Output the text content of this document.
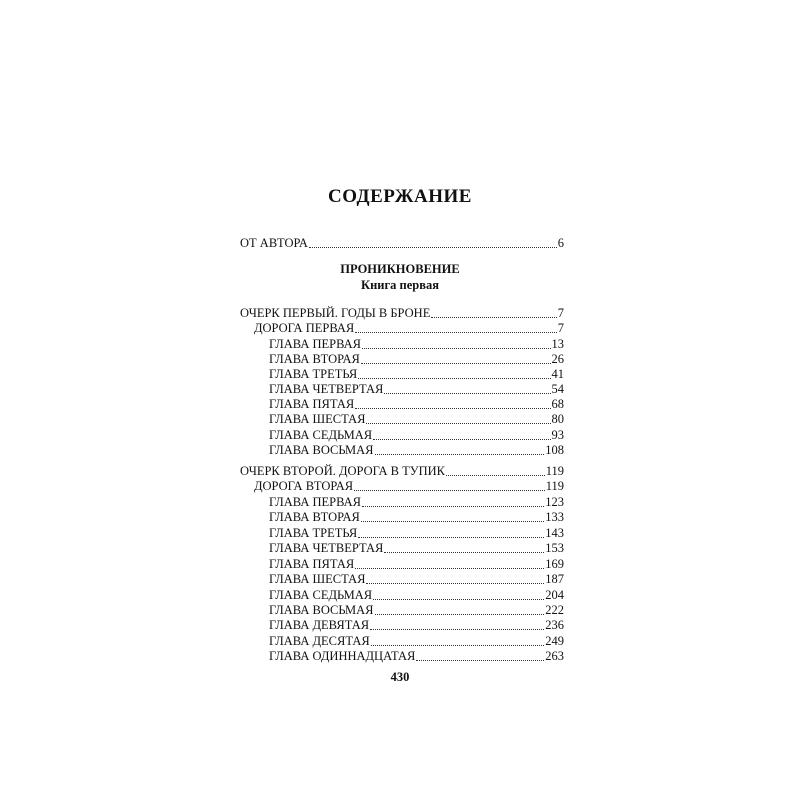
СОДЕРЖАНИЕ
ОТ АВТОРА	6
ПРОНИКНОВЕНИЕ
Книга первая
ОЧЕРК ПЕРВЫЙ. ГОДЫ В БРОНЕ	7
ДОРОГА ПЕРВАЯ	7
ГЛАВА ПЕРВАЯ	13
ГЛАВА ВТОРАЯ	26
ГЛАВА ТРЕТЬЯ	41
ГЛАВА ЧЕТВЕРТАЯ	54
ГЛАВА ПЯТАЯ	68
ГЛАВА ШЕСТАЯ	80
ГЛАВА СЕДЬМАЯ	93
ГЛАВА ВОСЬМАЯ	108
ОЧЕРК ВТОРОЙ. ДОРОГА В ТУПИК	119
ДОРОГА ВТОРАЯ	119
ГЛАВА ПЕРВАЯ	123
ГЛАВА ВТОРАЯ	133
ГЛАВА ТРЕТЬЯ	143
ГЛАВА ЧЕТВЕРТАЯ	153
ГЛАВА ПЯТАЯ	169
ГЛАВА ШЕСТАЯ	187
ГЛАВА СЕДЬМАЯ	204
ГЛАВА ВОСЬМАЯ	222
ГЛАВА ДЕВЯТАЯ	236
ГЛАВА ДЕСЯТАЯ	249
ГЛАВА ОДИННАДЦАТАЯ	263
430
